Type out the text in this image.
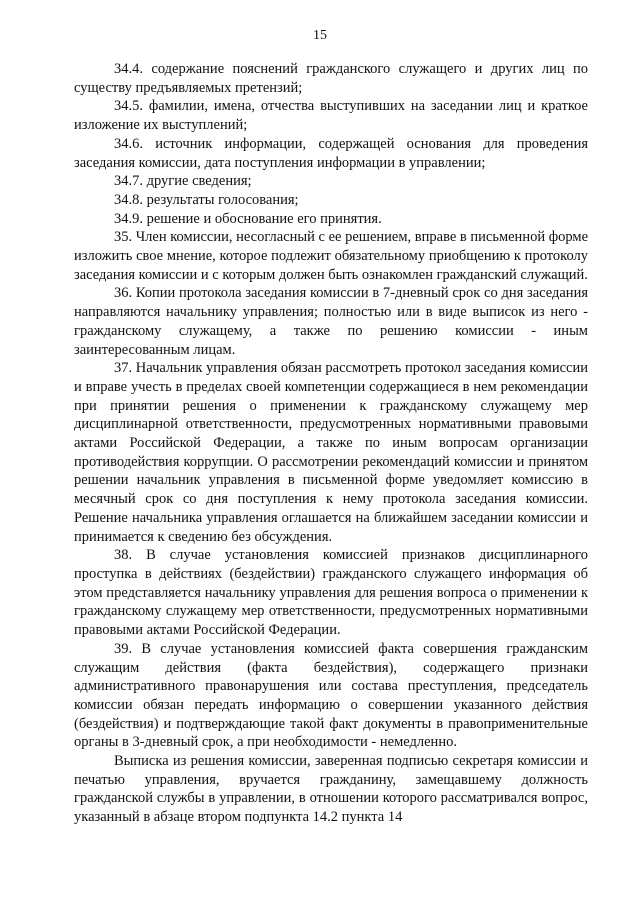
15

34.4. содержание пояснений гражданского служащего и других лиц по существу предъявляемых претензий;

34.5. фамилии, имена, отчества выступивших на заседании лиц и краткое изложение их выступлений;

34.6. источник информации, содержащей основания для проведения заседания комиссии, дата поступления информации в управлении;

34.7. другие сведения;

34.8. результаты голосования;

34.9. решение и обоснование его принятия.

35. Член комиссии, несогласный с ее решением, вправе в письменной форме изложить свое мнение, которое подлежит обязательному приобщению к протоколу заседания комиссии и с которым должен быть ознакомлен гражданский служащий.

36. Копии протокола заседания комиссии в 7-дневный срок со дня заседания направляются начальнику управления; полностью или в виде выписок из него - гражданскому служащему, а также по решению комиссии - иным заинтересованным лицам.

37. Начальник управления обязан рассмотреть протокол заседания комиссии и вправе учесть в пределах своей компетенции содержащиеся в нем рекомендации при принятии решения о применении к гражданскому служащему мер дисциплинарной ответственности, предусмотренных нормативными правовыми актами Российской Федерации, а также по иным вопросам организации противодействия коррупции. О рассмотрении рекомендаций комиссии и принятом решении начальник управления в письменной форме уведомляет комиссию в месячный срок со дня поступления к нему протокола заседания комиссии. Решение начальника управления оглашается на ближайшем заседании комиссии и принимается к сведению без обсуждения.

38. В случае установления комиссией признаков дисциплинарного проступка в действиях (бездействии) гражданского служащего информация об этом представляется начальнику управления для решения вопроса о применении к гражданскому служащему мер ответственности, предусмотренных нормативными правовыми актами Российской Федерации.

39. В случае установления комиссией факта совершения гражданским служащим действия (факта бездействия), содержащего признаки административного правонарушения или состава преступления, председатель комиссии обязан передать информацию о совершении указанного действия (бездействия) и подтверждающие такой факт документы в правоприменительные органы в 3-дневный срок, а при необходимости - немедленно.

Выписка из решения комиссии, заверенная подписью секретаря комиссии и печатью управления, вручается гражданину, замещавшему должность гражданской службы в управлении, в отношении которого рассматривался вопрос, указанный в абзаце втором подпункта 14.2 пункта 14
